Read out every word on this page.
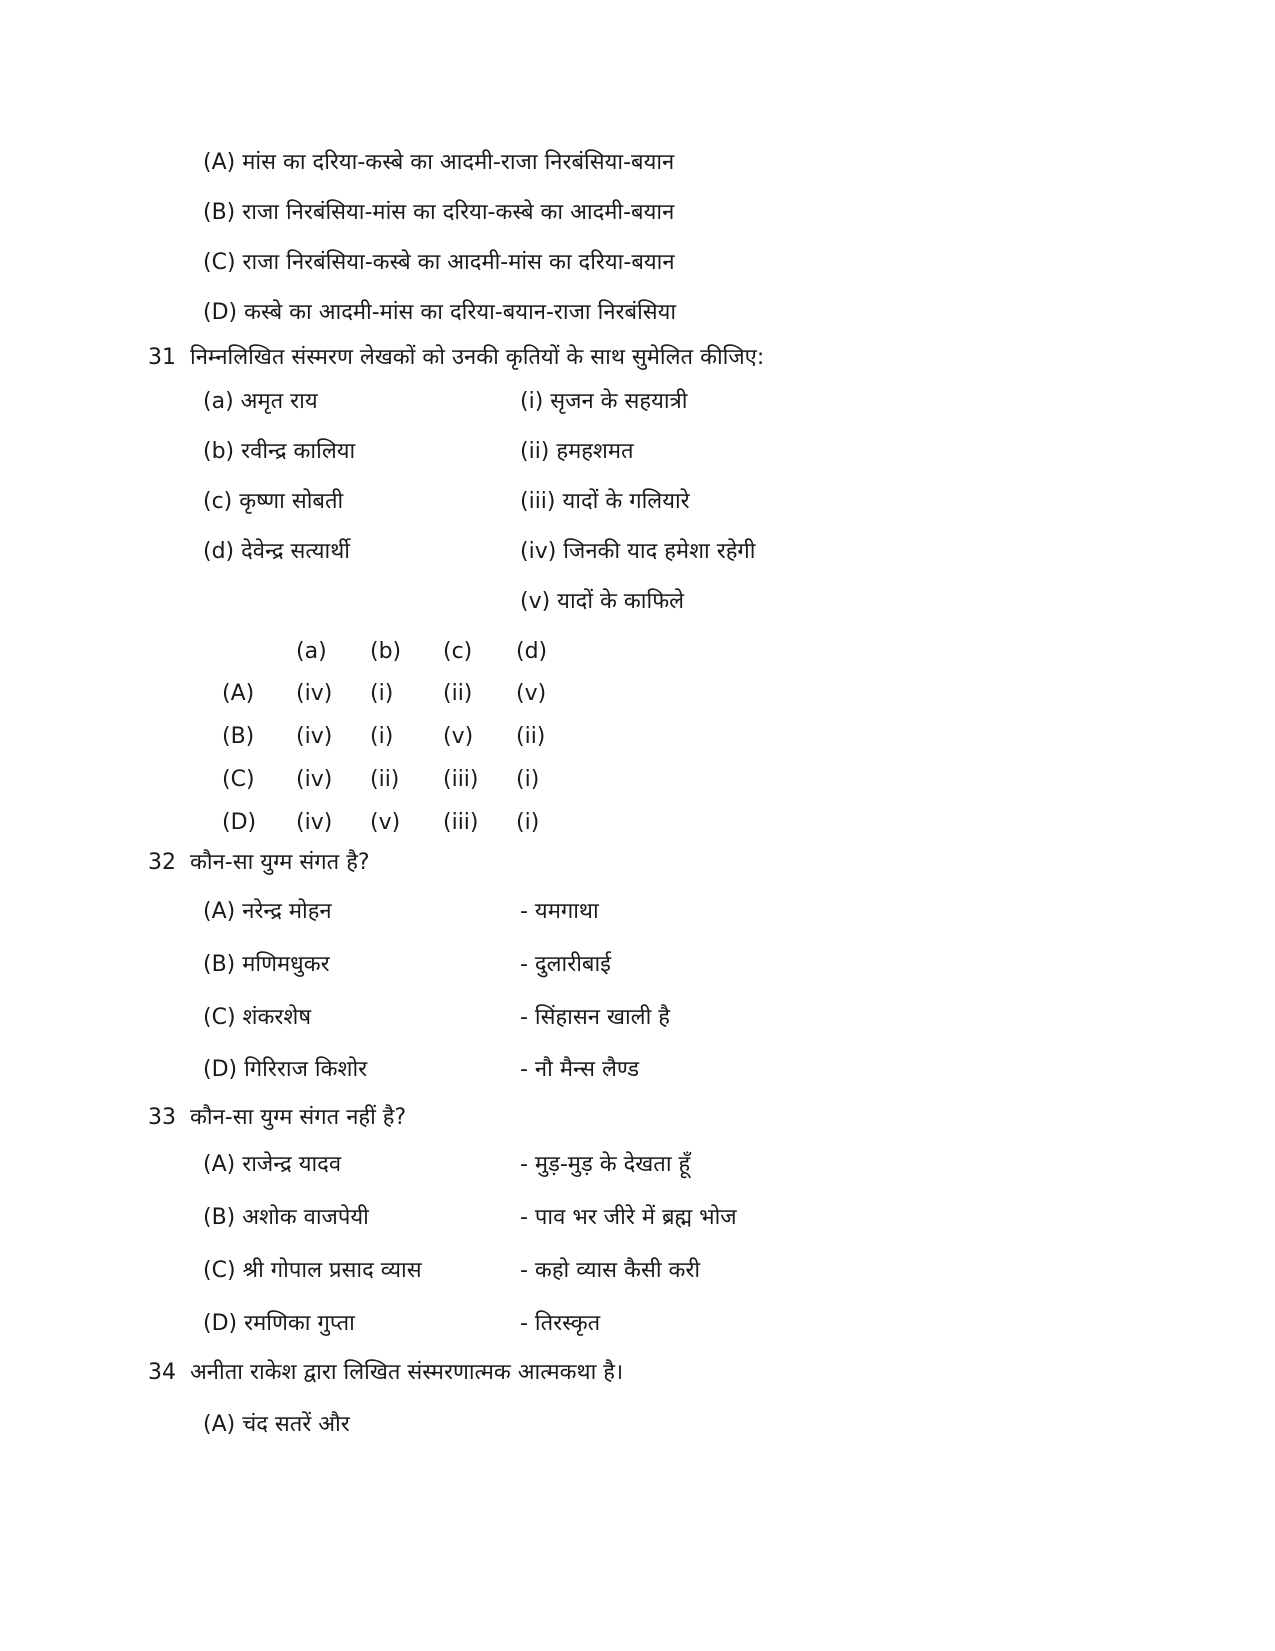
(A) मांस का दरिया-कस्बे का आदमी-राजा निरबंसिया-बयान
(B) राजा निरबंसिया-मांस का दरिया-कस्बे का आदमी-बयान
(C) राजा निरबंसिया-कस्बे का आदमी-मांस का दरिया-बयान
(D) कस्बे का आदमी-मांस का दरिया-बयान-राजा निरबंसिया
31 निम्नलिखित संस्मरण लेखकों को उनकी कृतियों के साथ सुमेलित कीजिए:
(a) अमृत राय	(i) सृजन के सहयात्री
(b) रवीन्द्र कालिया	(ii) हमहशमत
(c) कृष्णा सोबती	(iii) यादों के गलियारे
(d) देवेन्द्र सत्यार्थी	(iv) जिनकी याद हमेशा रहेगी
(v) यादों के काफिले
(a) (b) (c) (d)
(A) (iv) (i) (ii) (v)
(B) (iv) (i) (v) (ii)
(C) (iv) (ii) (iii) (i)
(D) (iv) (v) (iii) (i)
32 कौन-सा युग्म संगत है?
(A) नरेन्द्र मोहन	- यमगाथा
(B) मणिमधुकर	- दुलारीबाई
(C) शंकरशेष	- सिंहासन खाली है
(D) गिरिराज किशोर	- नौ मैन्स लैण्ड
33 कौन-सा युग्म संगत नहीं है?
(A) राजेन्द्र यादव	- मुड़-मुड़ के देखता हूँ
(B) अशोक वाजपेयी	- पाव भर जीरे में ब्रह्म भोज
(C) श्री गोपाल प्रसाद व्यास	- कहो व्यास कैसी करी
(D) रमणिका गुप्ता	- तिरस्कृत
34 अनीता राकेश द्वारा लिखित संस्मरणात्मक आत्मकथा है।
(A) चंद सतरें और
